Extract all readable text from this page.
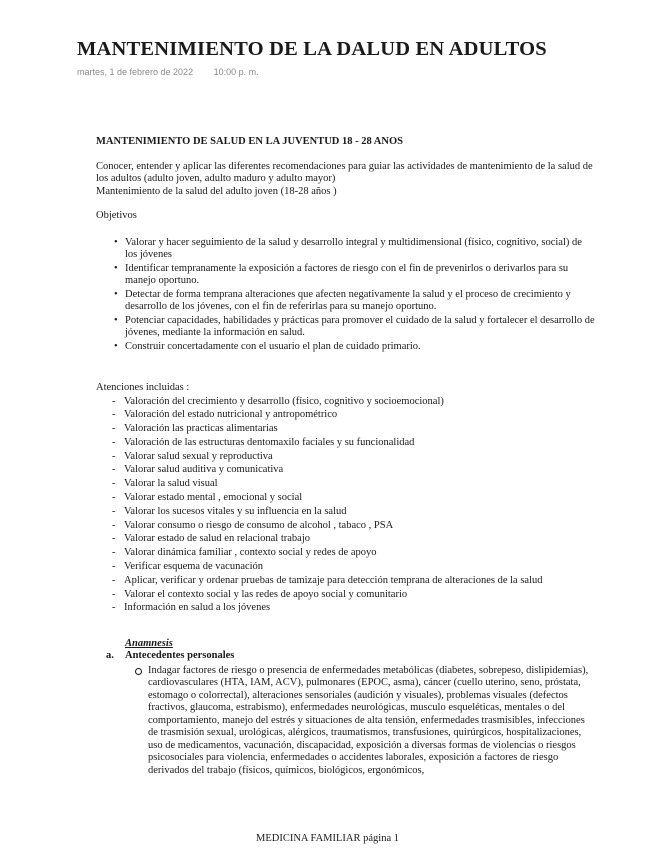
MANTENIMIENTO DE LA DALUD EN ADULTOS
martes, 1 de febrero de 2022 10:00 p. m.
MANTENIMIENTO DE SALUD EN LA JUVENTUD 18 - 28 ANOS

Conocer, entender y aplicar las diferentes recomendaciones para guiar las actividades de mantenimiento de la salud de los adultos (adulto joven, adulto maduro y adulto mayor)

Mantenimiento de la salud del adulto joven (18-28 años )

Objetivos
• Valorar y hacer seguimiento de la salud y desarrollo integral y multidimensional (físico, cognitivo, social) de los jóvenes
• Identificar tempranamente la exposición a factores de riesgo con el fin de prevenirlos o derivarlos para su manejo oportuno.
• Detectar de forma temprana alteraciones que afecten negativamente la salud y el proceso de crecimiento y desarrollo de los jóvenes, con el fin de referirlas para su manejo oportuno.
• Potenciar capacidades, habilidades y prácticas para promover el cuidado de la salud y fortalecer el desarrollo de jóvenes, mediante la información en salud.
• Construir concertadamente con el usuario el plan de cuidado primario.
Atenciones incluidas :
- Valoración del crecimiento y desarrollo (físico, cognitivo y socioemocional)
- Valoración del estado nutricional y antropométrico
- Valoración las practicas alimentarias
- Valoración de las estructuras dentomaxilo faciales y su funcionalidad
- Valorar salud sexual y reproductiva
- Valorar salud auditiva y comunicativa
- Valorar la salud visual
- Valorar estado mental , emocional y social
- Valorar los sucesos vitales y su influencia en la salud
- Valorar consumo o riesgo de consumo de alcohol , tabaco , PSA
- Valorar estado de salud en relacional trabajo
- Valorar dinámica familiar , contexto social y redes de apoyo
- Verificar esquema de vacunación
- Aplicar, verificar y ordenar pruebas de tamizaje para detección temprana de alteraciones de la salud
- Valorar el contexto social y las redes de apoyo social y comunitario
- Información en salud a los jóvenes
Anamnesis
a. Antecedentes personales
Indagar factores de riesgo o presencia de enfermedades metabólicas (diabetes, sobrepeso, dislipidemias), cardiovasculares (HTA, IAM, ACV), pulmonares (EPOC, asma), cáncer (cuello uterino, seno, próstata, estomago o colorrectal), alteraciones sensoriales (audición y visuales), problemas visuales (defectos fractivos, glaucoma, estrabismo), enfermedades neurológicas, musculo esqueléticas, mentales o del comportamiento, manejo del estrés y situaciones de alta tensión, enfermedades trasmisibles, infecciones de trasmisión sexual, urológicas, alérgicos, traumatismos, transfusiones, quirúrgicos, hospitalizaciones, uso de medicamentos, vacunación, discapacidad, exposición a diversas formas de violencias o riesgos psicosociales para violencia, enfermedades o accidentes laborales, exposición a factores de riesgo derivados del trabajo (físicos, químicos, biológicos, ergonómicos,
MEDICINA FAMILIAR página 1
